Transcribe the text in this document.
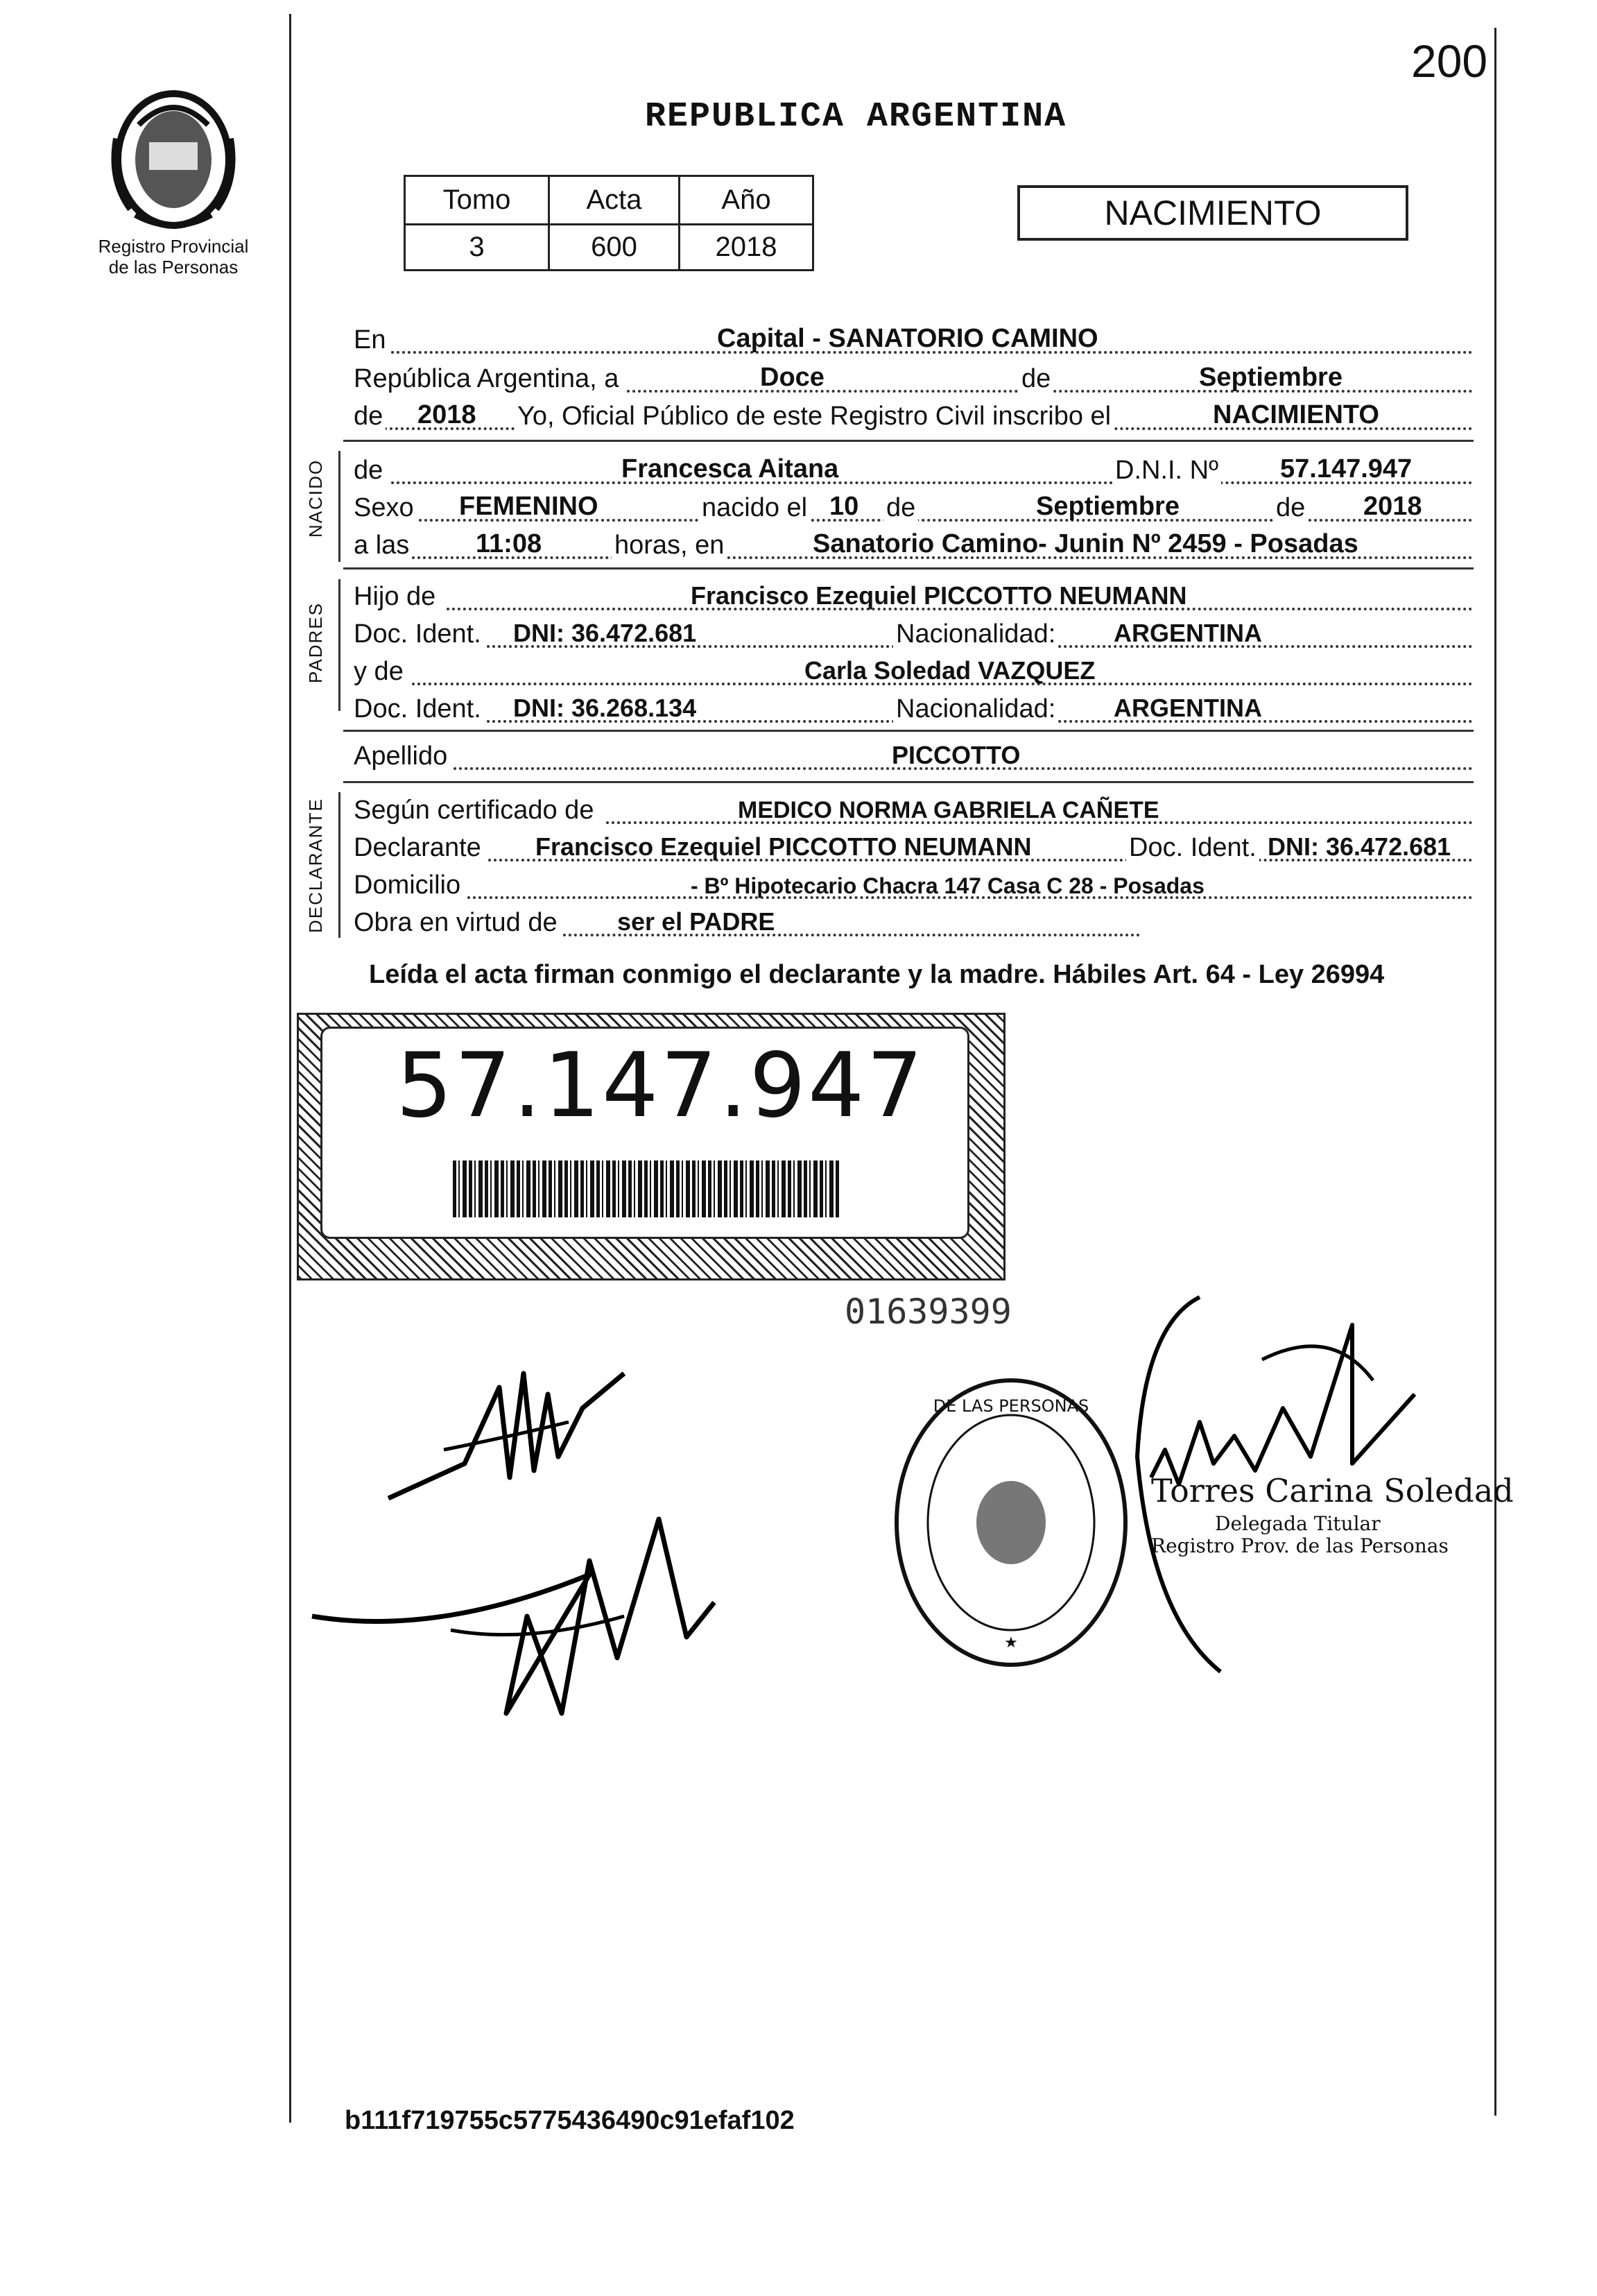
Registro Provincial
de las Personas
REPUBLICA ARGENTINA
200
Tomo	Acta	Año
3	600	2018
NACIMIENTO
En	Capital - SANATORIO CAMINO
República Argentina, a	Doce	de	Septiembre
de 2018 Yo, Oficial Público de este Registro Civil inscribo el	NACIMIENTO
NACIDO de	Francesca Aitana	D.N.I. Nº 57.147.947
Sexo FEMENINO	nacido el 10 de	Septiembre	de 2018
a las	11:08	horas, en	Sanatorio Camino- Junin Nº 2459 - Posadas
PADRES
Hijo de	Francisco Ezequiel PICCOTTO NEUMANN
Doc. Ident. DNI: 36.472.681	Nacionalidad: ARGENTINA
y de	Carla Soledad VAZQUEZ
Doc. Ident. DNI: 36.268.134	Nacionalidad: ARGENTINA
Apellido	PICCOTTO
DECLARANTE Según certificado de	MEDICO NORMA GABRIELA CAÑETE
Declarante Francisco Ezequiel PICCOTTO NEUMANN	Doc. Ident. DNI: 36.472.681
Domicilio	- Bº Hipotecario Chacra 147 Casa C 28 - Posadas
Obra en virtud de ser el PADRE
Leída el acta firman conmigo el declarante y la madre. Hábiles Art. 64 - Ley 26994
57.147.947
01639399
DE LAS PERSONAS
★
Torres Carina Soledad
Delegada Titular
Registro Prov. de las Personas
b111f719755c5775436490c91efaf102
